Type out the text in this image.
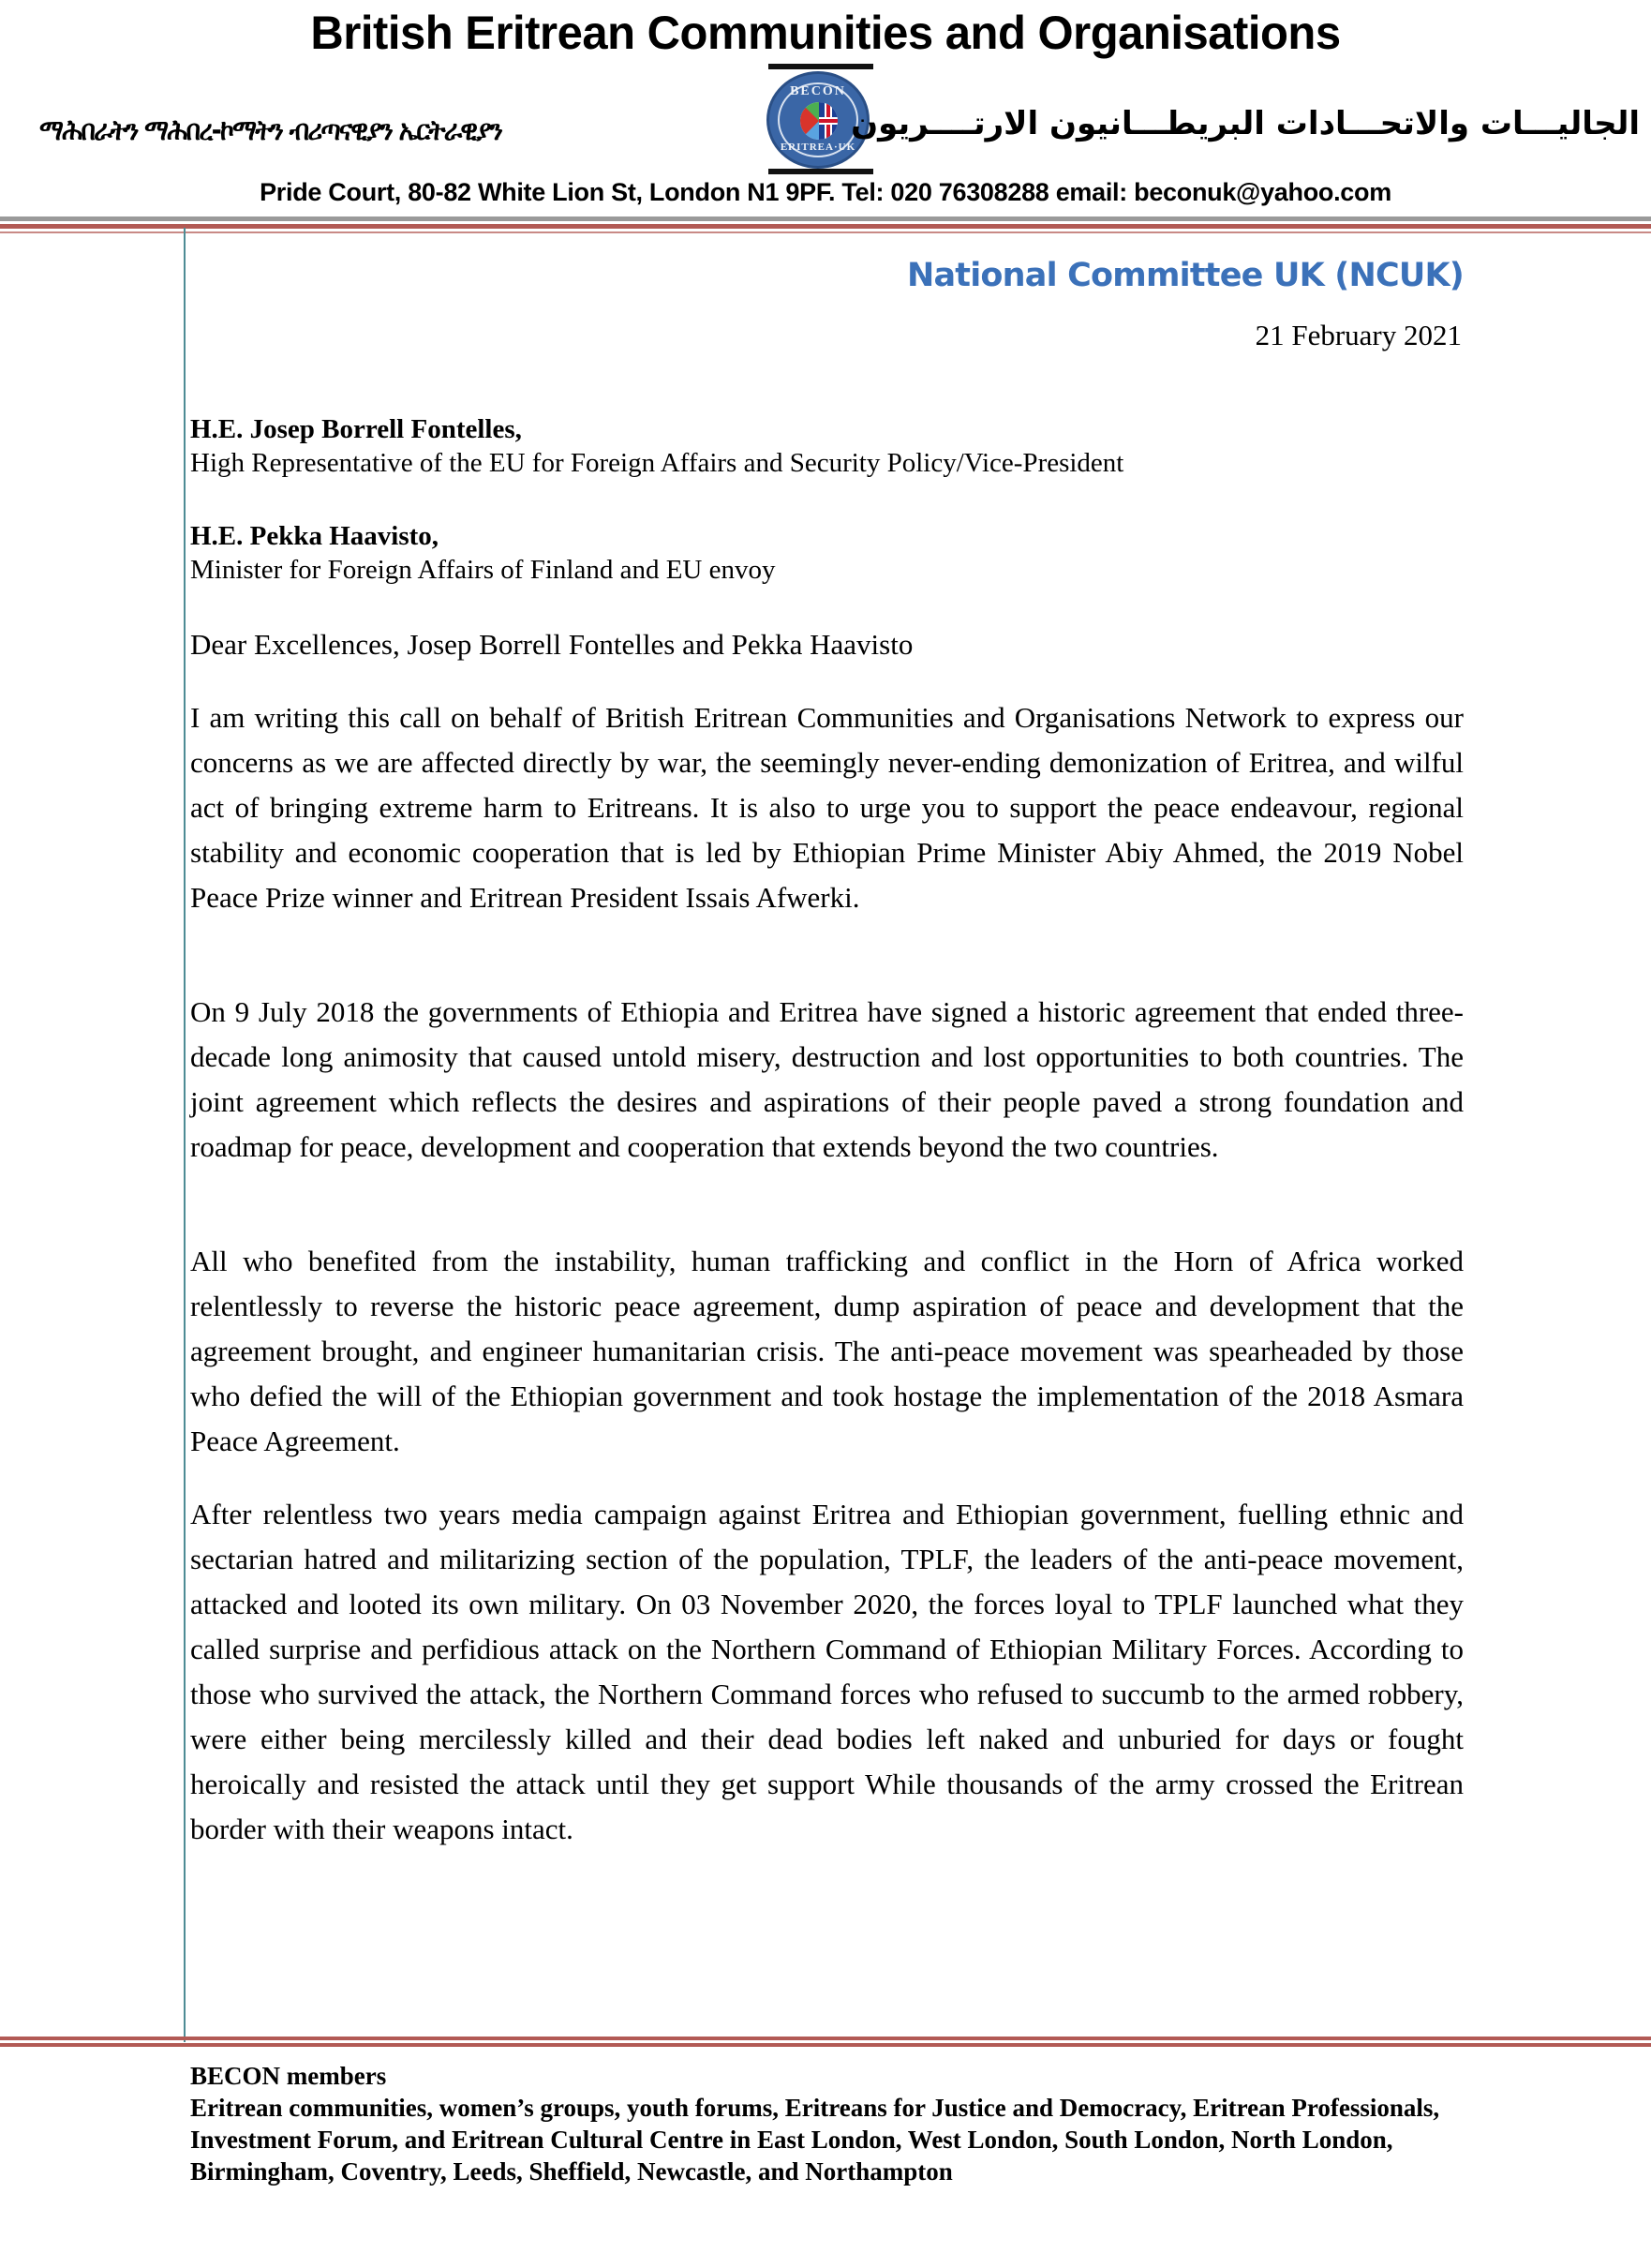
British Eritrean Communities and Organisations
ማሕበራትን ማሕበረ-ኮማትን ብሪጣናዊያን ኤርትራዊያን
BECON
ERITREA·UK
الجاليـــات والاتحـــادات البريطـــانيون الارتــــريون
Pride Court, 80-82 White Lion St, London N1 9PF. Tel: 020 76308288 email: beconuk@yahoo.com
National Committee UK (NCUK)
21 February 2021
H.E. Josep Borrell Fontelles,
High Representative of the EU for Foreign Affairs and Security Policy/Vice-President
H.E. Pekka Haavisto,
Minister for Foreign Affairs of Finland and EU envoy
Dear Excellences, Josep Borrell Fontelles and Pekka Haavisto

I am writing this call on behalf of British Eritrean Communities and Organisations Network to express our concerns as we are affected directly by war, the seemingly never-ending demonization of Eritrea, and wilful act of bringing extreme harm to Eritreans. It is also to urge you to support the peace endeavour, regional stability and economic cooperation that is led by Ethiopian Prime Minister Abiy Ahmed, the 2019 Nobel Peace Prize winner and Eritrean President Issais Afwerki.

On 9 July 2018 the governments of Ethiopia and Eritrea have signed a historic agreement that ended three-decade long animosity that caused untold misery, destruction and lost opportunities to both countries. The joint agreement which reflects the desires and aspirations of their people paved a strong foundation and roadmap for peace, development and cooperation that extends beyond the two countries.

All who benefited from the instability, human trafficking and conflict in the Horn of Africa worked relentlessly to reverse the historic peace agreement, dump aspiration of peace and development that the agreement brought, and engineer humanitarian crisis. The anti-peace movement was spearheaded by those who defied the will of the Ethiopian government and took hostage the implementation of the 2018 Asmara Peace Agreement.

After relentless two years media campaign against Eritrea and Ethiopian government, fuelling ethnic and sectarian hatred and militarizing section of the population, TPLF, the leaders of the anti-peace movement, attacked and looted its own military. On 03 November 2020, the forces loyal to TPLF launched what they called surprise and perfidious attack on the Northern Command of Ethiopian Military Forces. According to those who survived the attack, the Northern Command forces who refused to succumb to the armed robbery, were either being mercilessly killed and their dead bodies left naked and unburied for days or fought heroically and resisted the attack until they get support While thousands of the army crossed the Eritrean border with their weapons intact.

BECON members
Eritrean communities, women’s groups, youth forums, Eritreans for Justice and Democracy, Eritrean Professionals, Investment Forum, and Eritrean Cultural Centre in East London, West London, South London, North London, Birmingham, Coventry, Leeds, Sheffield, Newcastle, and Northampton
